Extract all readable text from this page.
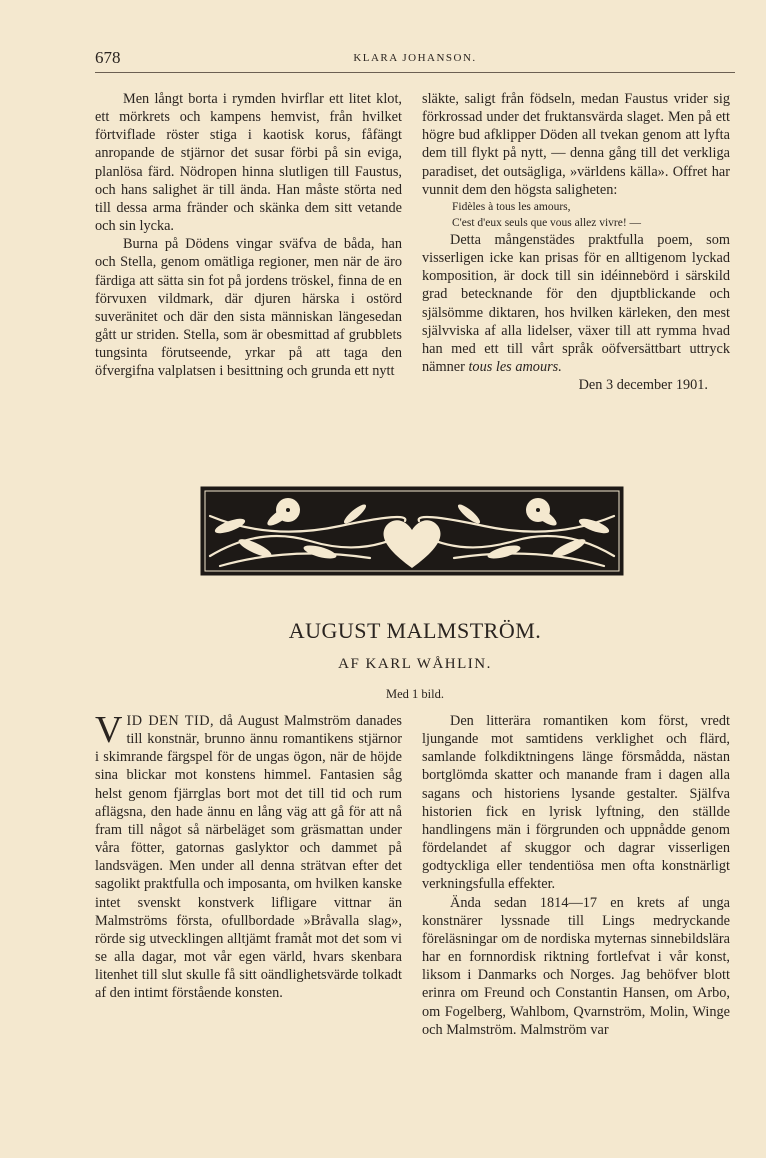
678	KLARA JOHANSON.

Men långt borta i rymden hvirflar ett litet klot, ett mörkrets och kampens hemvist, från hvilket förtviflade röster stiga i kaotisk korus, fåfängt anropande de stjärnor det susar förbi på sin eviga, planlösa färd. Nödropen hinna slutligen till Faustus, och hans salighet är till ända. Han måste störta ned till dessa arma fränder och skänka dem sitt vetande och sin lycka.

Burna på Dödens vingar sväfva de båda, han och Stella, genom omätliga regioner, men när de äro färdiga att sätta sin fot på jordens tröskel, finna de en förvuxen vildmark, där djuren härska i ostörd suveränitet och där den sista människan längesedan gått ur striden. Stella, som är obesmittad af grubblets tungsinta förutseende, yrkar på att taga den öfvergifna valplatsen i besittning och grunda ett nytt

släkte, saligt från födseln, medan Faustus vrider sig förkrossad under det fruktansvärda slaget. Men på ett högre bud afklipper Döden all tvekan genom att lyfta dem till flykt på nytt, — denna gång till det verkliga paradiset, det outsägliga, »världens källa». Offret har vunnit dem den högsta saligheten:

Fidèles à tous les amours,
C'est d'eux seuls que vous allez vivre! —

Detta mångenstädes praktfulla poem, som visserligen icke kan prisas för en alltigenom lyckad komposition, är dock till sin idéinnebörd i särskild grad betecknande för den djuptblickande och själsömme diktaren, hos hvilken kärleken, den mest självviska af alla lidelser, växer till att rymma hvad han med ett till vårt språk oöfversättbart uttryck nämner tous les amours.

Den 3 december 1901.

AUGUST MALMSTRÖM.
AF KARL WÅHLIN.
Med 1 bild.

VID DEN TID, då August Malmström danades till konstnär, brunno ännu romantikens stjärnor i skimrande färgspel för de ungas ögon, när de höjde sina blickar mot konstens himmel. Fantasien såg helst genom fjärrglas bort mot det till tid och rum aflägsna, den hade ännu en lång väg att gå för att nå fram till något så närbeläget som gräsmattan under våra fötter, gatornas gaslyktor och dammet på landsvägen. Men under all denna strätvan efter det sagolikt praktfulla och imposanta, om hvilken kanske intet svenskt konstverk lifligare vittnar än Malmströms första, ofullbordade »Bråvalla slag», rörde sig utvecklingen alltjämt framåt mot det som vi se alla dagar, mot vår egen värld, hvars skenbara litenhet till slut skulle få sitt oändlighetsvärde tolkadt af den intimt förstående konsten.

Den litterära romantiken kom först, vredt ljungande mot samtidens verklighet och flärd, samlande folkdiktningens länge försmådda, nästan bortglömda skatter och manande fram i dagen alla sagans och historiens lysande gestalter. Själfva historien fick en lyrisk lyftning, den ställde handlingens män i förgrunden och uppnådde genom fördelandet af skuggor och dagrar visserligen godtyckliga eller tendentiösa men ofta konstnärligt verkningsfulla effekter.

Ända sedan 1814—17 en krets af unga konstnärer lyssnade till Lings medryckande föreläsningar om de nordiska myternas sinnebildslära har en fornnordisk riktning fortlefvat i vår konst, liksom i Danmarks och Norges. Jag behöfver blott erinra om Freund och Constantin Hansen, om Arbo, om Fogelberg, Wahlbom, Qvarnström, Molin, Winge och Malmström. Malmström var
